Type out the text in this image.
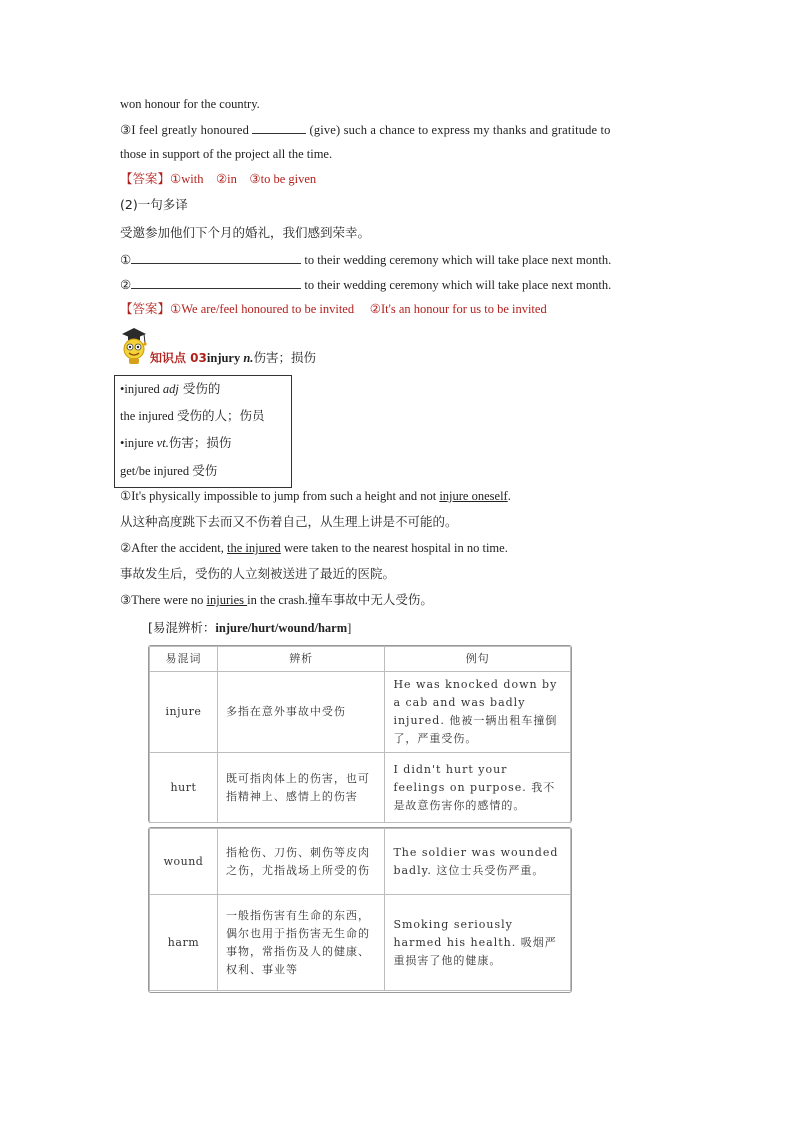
won honour for the country.
③I feel greatly honoured	(give) such a chance to express my thanks and gratitude to
those in support of the project all the time.
【答案】①with ②in ③to be given
(2)一句多译
受邀参加他们下个月的婚礼，我们感到荣幸。
①	to their wedding ceremony which will take place next month.
②	to their wedding ceremony which will take place next month.
【答案】①We are/feel honoured to be invited ②It's an honour for us to be invited
知识点 03injury n.伤害；损伤
•injured adj 受伤的
the injured 受伤的人；伤员
•injure vt.伤害；损伤
get/be injured 受伤
①It's physically impossible to jump from such a height and not injure oneself.
从这种高度跳下去而又不伤着自己，从生理上讲是不可能的。
②After the accident, the injured were taken to the nearest hospital in no time.
事故发生后，受伤的人立刻被送进了最近的医院。
③There were no injuries in the crash.撞车事故中无人受伤。
[易混辨析：injure/hurt/wound/harm]
易混词	辨析	例句
injure	多指在意外事故中受伤	He was knocked down by a cab and was badly injured. 他被一辆出租车撞倒了，严重受伤。
hurt	既可指肉体上的伤害，也可指精神上、感情上的伤害	I didn't hurt your feelings on purpose. 我不是故意伤害你的感情的。
wound	指枪伤、刀伤、刺伤等皮肉之伤，尤指战场上所受的伤	The soldier was wounded badly. 这位士兵受伤严重。
harm	一般指伤害有生命的东西，偶尔也用于指伤害无生命的事物，常指伤及人的健康、权利、事业等	Smoking seriously harmed his health. 吸烟严重损害了他的健康。
